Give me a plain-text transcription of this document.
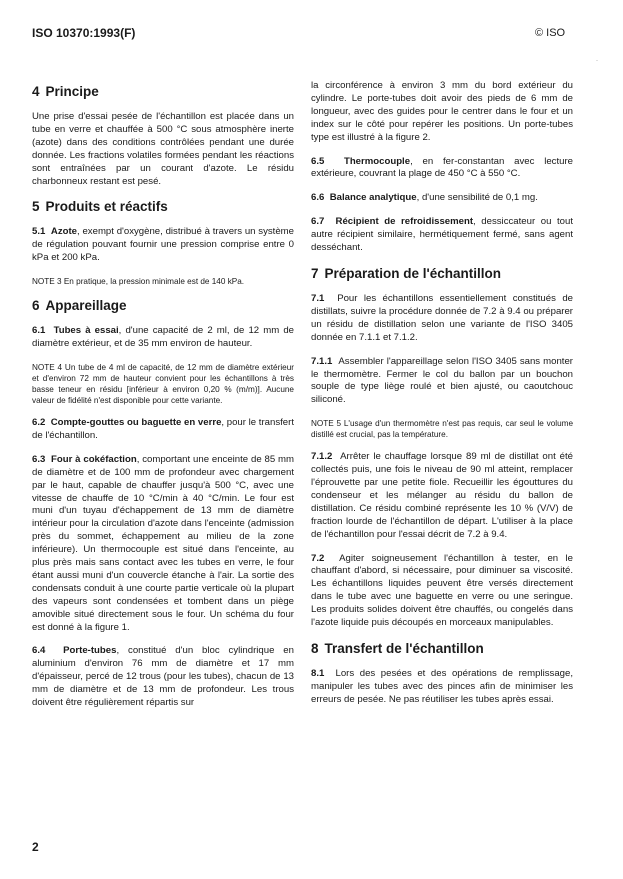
ISO 10370:1993(F)	© ISO
·
4 Principe

Une prise d'essai pesée de l'échantillon est placée dans un tube en verre et chauffée à 500 °C sous atmosphère inerte (azote) dans des conditions contrôlées pendant une durée donnée. Les fractions volatiles formées pendant les réactions sont entraînées par un courant d'azote. Le résidu charbonneux restant est pesé.

5 Produits et réactifs

5.1 Azote, exempt d'oxygène, distribué à travers un système de régulation pouvant fournir une pression comprise entre 0 kPa et 200 kPa.

NOTE 3 En pratique, la pression minimale est de 140 kPa.

6 Appareillage

6.1 Tubes à essai, d'une capacité de 2 ml, de 12 mm de diamètre extérieur, et de 35 mm environ de hauteur.

NOTE 4 Un tube de 4 ml de capacité, de 12 mm de diamètre extérieur et d'environ 72 mm de hauteur convient pour les échantillons à très basse teneur en résidu [inférieur à environ 0,20 % (m/m)]. Aucune valeur de fidélité n'est disponible pour cette variante.

6.2 Compte-gouttes ou baguette en verre, pour le transfert de l'échantillon.

6.3 Four à cokéfaction, comportant une enceinte de 85 mm de diamètre et de 100 mm de profondeur avec chargement par le haut, capable de chauffer jusqu'à 500 °C, avec une vitesse de chauffe de 10 °C/min à 40 °C/min. Le four est muni d'un tuyau d'échappement de 13 mm de diamètre intérieur pour la circulation d'azote dans l'enceinte (admission près du sommet, échappement au milieu de la zone inférieure). Un thermocouple est situé dans l'enceinte, au plus près mais sans contact avec les tubes en verre, le four étant aussi muni d'un couvercle étanche à l'air. La sortie des condensats conduit à une courte partie verticale où la plupart des vapeurs sont condensées et tombent dans un piège amovible situé directement sous le four. Un schéma du four est donné à la figure 1.

6.4 Porte-tubes, constitué d'un bloc cylindrique en aluminium d'environ 76 mm de diamètre et 17 mm d'épaisseur, percé de 12 trous (pour les tubes), chacun de 13 mm de diamètre et de 13 mm de profondeur. Les trous doivent être régulièrement répartis sur

la circonférence à environ 3 mm du bord extérieur du cylindre. Le porte-tubes doit avoir des pieds de 6 mm de longueur, avec des guides pour le centrer dans le four et un index sur le côté pour repérer les positions. Un porte-tubes type est illustré à la figure 2.

6.5 Thermocouple, en fer-constantan avec lecture extérieure, couvrant la plage de 450 °C à 550 °C.

6.6 Balance analytique, d'une sensibilité de 0,1 mg.

6.7 Récipient de refroidissement, dessiccateur ou tout autre récipient similaire, hermétiquement fermé, sans agent desséchant.

7 Préparation de l'échantillon

7.1 Pour les échantillons essentiellement constitués de distillats, suivre la procédure donnée de 7.2 à 9.4 ou préparer un résidu de distillation selon une variante de l'ISO 3405 donnée en 7.1.1 et 7.1.2.

7.1.1 Assembler l'appareillage selon l'ISO 3405 sans monter le thermomètre. Fermer le col du ballon par un bouchon souple de type liège roulé et bien ajusté, ou caoutchouc siliconé.

NOTE 5 L'usage d'un thermomètre n'est pas requis, car seul le volume distillé est crucial, pas la température.

7.1.2 Arrêter le chauffage lorsque 89 ml de distillat ont été collectés puis, une fois le niveau de 90 ml atteint, remplacer l'éprouvette par une petite fiole. Recueillir les égouttures du condenseur et les mélanger au résidu du ballon de distillation. Ce résidu combiné représente les 10 % (V/V) de fraction lourde de l'échantillon de départ. L'utiliser à la place de l'échantillon pour l'essai décrit de 7.2 à 9.4.

7.2 Agiter soigneusement l'échantillon à tester, en le chauffant d'abord, si nécessaire, pour diminuer sa viscosité. Les échantillons liquides peuvent être versés directement dans le tube avec une baguette en verre ou une seringue. Les produits solides doivent être chauffés, ou congelés dans l'azote liquide puis découpés en morceaux manipulables.

8 Transfert de l'échantillon

8.1 Lors des pesées et des opérations de remplissage, manipuler les tubes avec des pinces afin de minimiser les erreurs de pesée. Ne pas réutiliser les tubes après essai.

2
